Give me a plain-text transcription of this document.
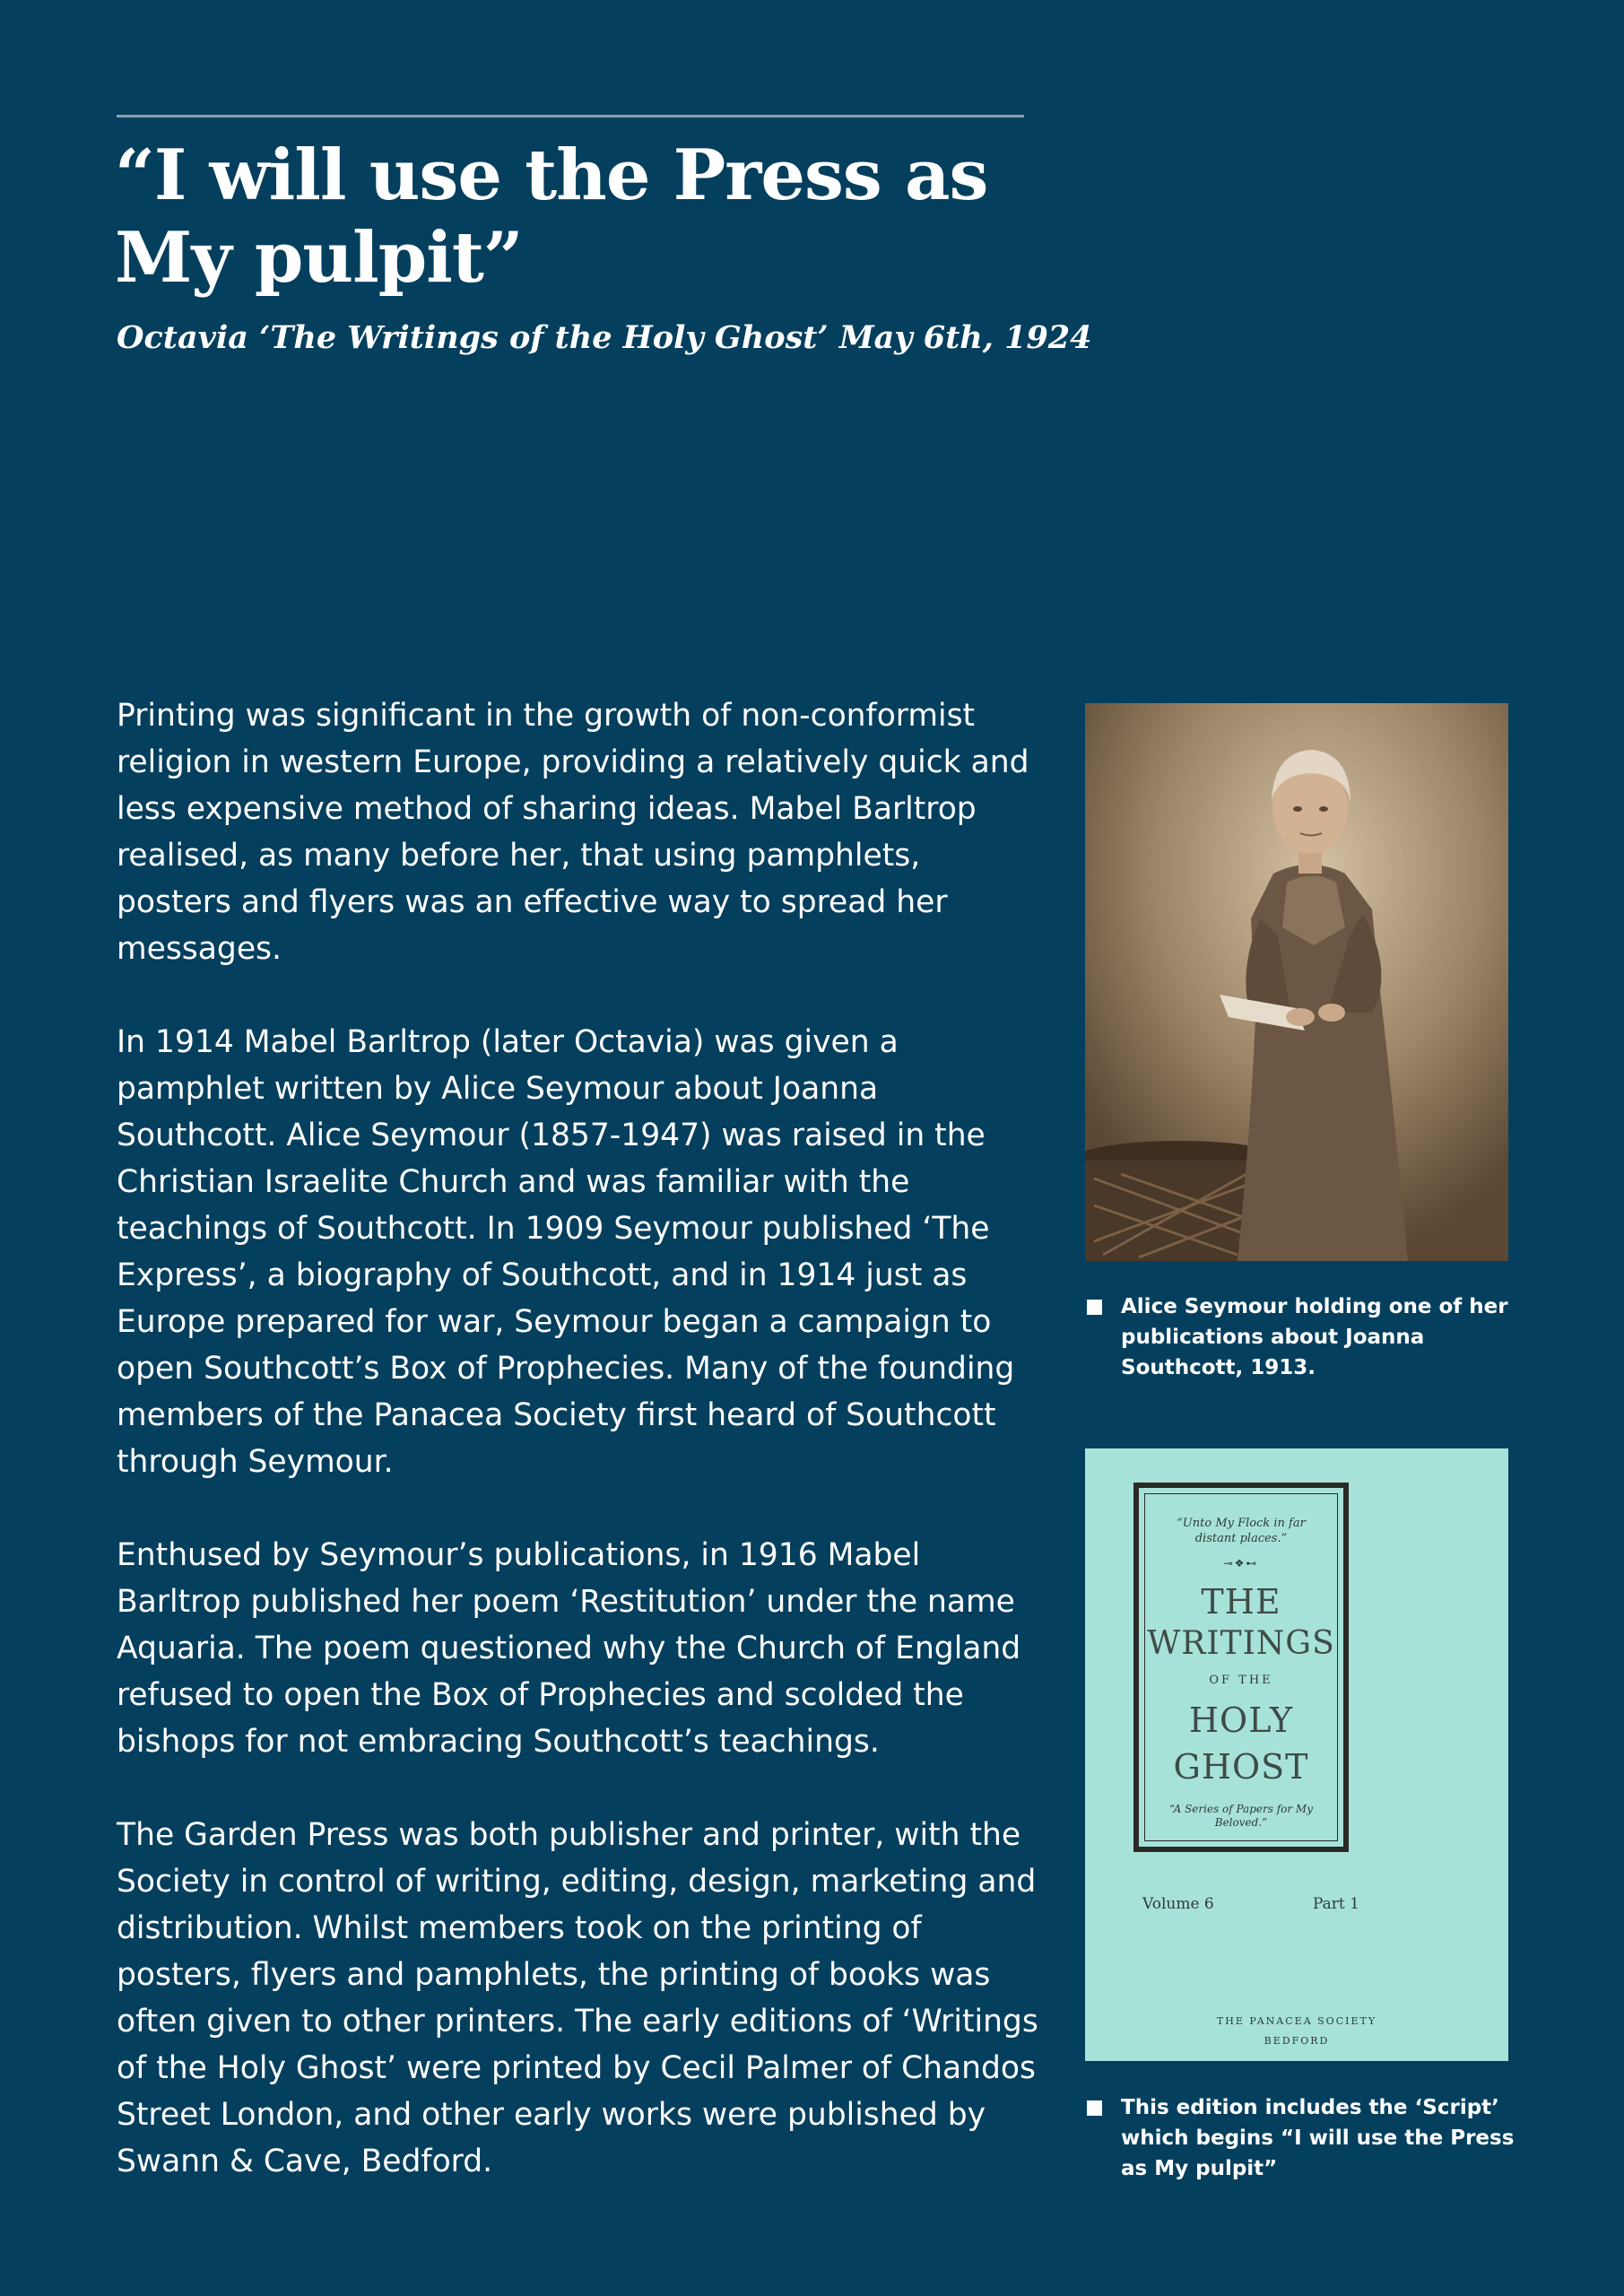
“I will use the Press as
My pulpit”

Octavia ‘The Writings of the Holy Ghost’ May 6th, 1924

Printing was significant in the growth of non-conformist religion in western Europe, providing a relatively quick and less expensive method of sharing ideas. Mabel Barltrop realised, as many before her, that using pamphlets, posters and flyers was an effective way to spread her messages.

In 1914 Mabel Barltrop (later Octavia) was given a pamphlet written by Alice Seymour about Joanna Southcott. Alice Seymour (1857-1947) was raised in the Christian Israelite Church and was familiar with the teachings of Southcott. In 1909 Seymour published ‘The Express’, a biography of Southcott, and in 1914 just as Europe prepared for war, Seymour began a campaign to open Southcott’s Box of Prophecies. Many of the founding members of the Panacea Society first heard of Southcott through Seymour.

Enthused by Seymour’s publications, in 1916 Mabel Barltrop published her poem ‘Restitution’ under the name Aquaria. The poem questioned why the Church of England refused to open the Box of Prophecies and scolded the bishops for not embracing Southcott’s teachings.

The Garden Press was both publisher and printer, with the Society in control of writing, editing, design, marketing and distribution. Whilst members took on the printing of posters, flyers and pamphlets, the printing of books was often given to other printers. The early editions of ‘Writings of the Holy Ghost’ were printed by Cecil Palmer of Chandos Street London, and other early works were published by Swann & Cave, Bedford.

Alice Seymour holding one of her publications about Joanna Southcott, 1913.
“Unto My Flock in far distant places.”
⊸❖⊷
THE
WRITINGS
OF THE
HOLY
GHOST
“A Series of Papers for My Beloved.”
Volume 6	Part 1
THE PANACEA SOCIETY
BEDFORD
This edition includes the ‘Script’ which begins “I will use the Press as My pulpit”
